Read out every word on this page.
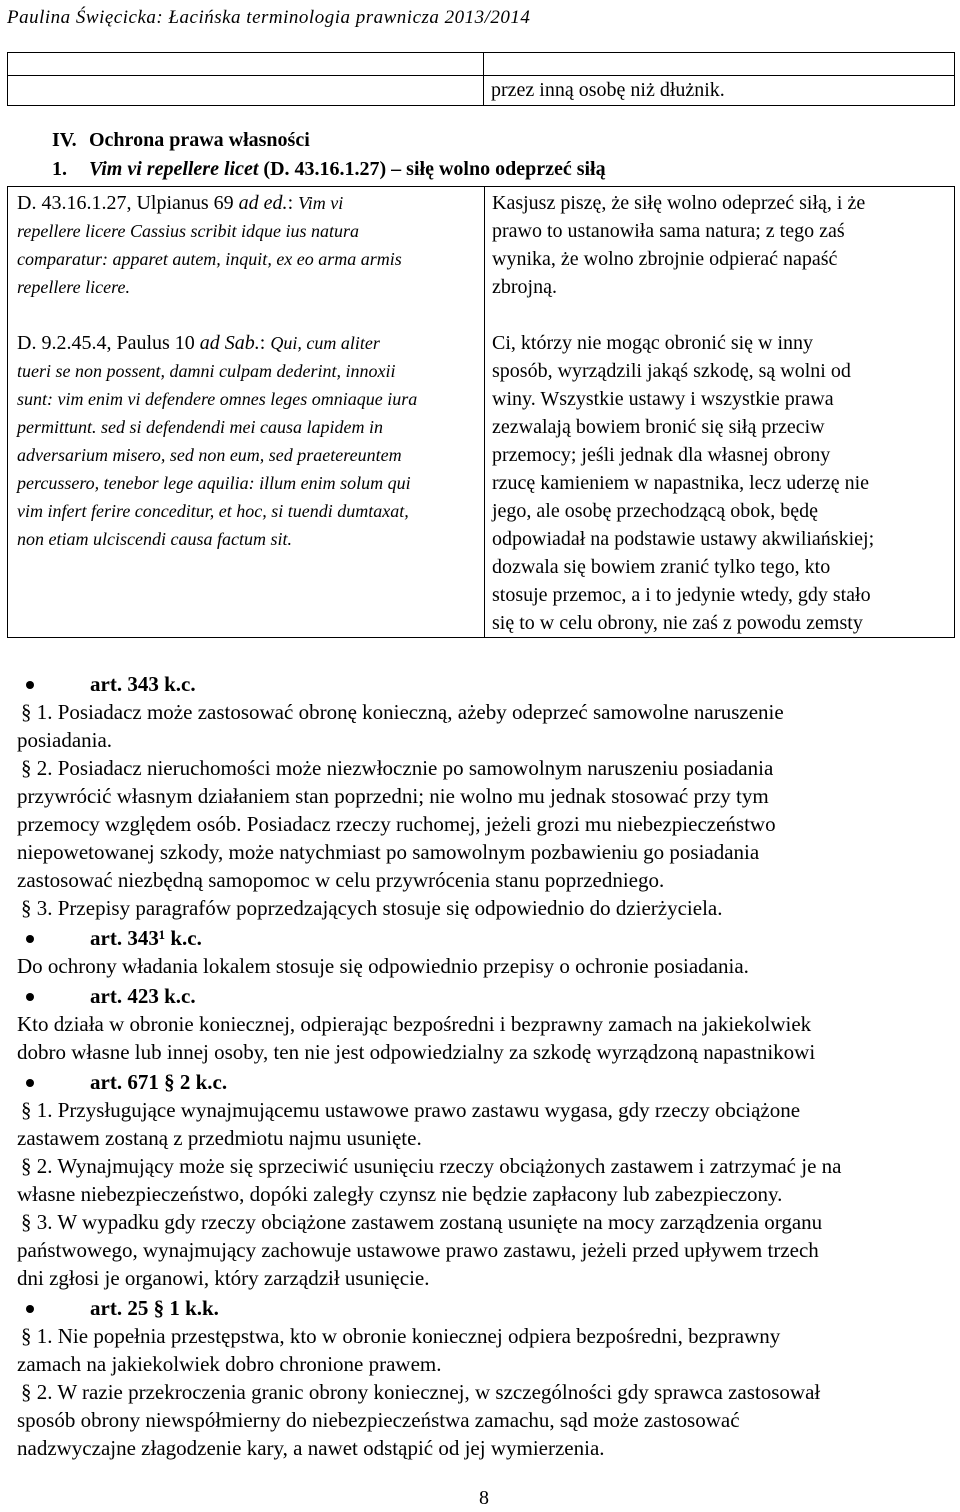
Paulina Święcicka: Łacińska terminologia prawnicza 2013/2014
przez inną osobę niż dłużnik.
IV. Ochrona prawa własności
1. Vim vi repellere licet (D. 43.16.1.27) – siłę wolno odeprzeć siłą
D. 43.16.1.27, Ulpianus 69 ad ed.: Vim vi
repellere licere Cassius scribit idque ius natura
comparatur: apparet autem, inquit, ex eo arma armis
repellere licere.
D. 9.2.45.4, Paulus 10 ad Sab.: Qui, cum aliter
tueri se non possent, damni culpam dederint, innoxii
sunt: vim enim vi defendere omnes leges omniaque iura
permittunt. sed si defendendi mei causa lapidem in
adversarium misero, sed non eum, sed praetereuntem
percussero, tenebor lege aquilia: illum enim solum qui
vim infert ferire conceditur, et hoc, si tuendi dumtaxat,
non etiam ulciscendi causa factum sit.
Kasjusz piszę, że siłę wolno odeprzeć siłą, i że
prawo to ustanowiła sama natura; z tego zaś
wynika, że wolno zbrojnie odpierać napaść
zbrojną.
Ci, którzy nie mogąc obronić się w inny
sposób, wyrządzili jakąś szkodę, są wolni od
winy. Wszystkie ustawy i wszystkie prawa
zezwalają bowiem bronić się siłą przeciw
przemocy; jeśli jednak dla własnej obrony
rzucę kamieniem w napastnika, lecz uderzę nie
jego, ale osobę przechodzącą obok, będę
odpowiadał na podstawie ustawy akwiliańskiej;
dozwala się bowiem zranić tylko tego, kto
stosuje przemoc, a i to jedynie wtedy, gdy stało
się to w celu obrony, nie zaś z powodu zemsty
art. 343 k.c.
§ 1. Posiadacz może zastosować obronę konieczną, ażeby odeprzeć samowolne naruszenie
posiadania.
§ 2. Posiadacz nieruchomości może niezwłocznie po samowolnym naruszeniu posiadania
przywrócić własnym działaniem stan poprzedni; nie wolno mu jednak stosować przy tym
przemocy względem osób. Posiadacz rzeczy ruchomej, jeżeli grozi mu niebezpieczeństwo
niepowetowanej szkody, może natychmiast po samowolnym pozbawieniu go posiadania
zastosować niezbędną samopomoc w celu przywrócenia stanu poprzedniego.
§ 3. Przepisy paragrafów poprzedzających stosuje się odpowiednio do dzierżyciela.
art. 343¹ k.c.
Do ochrony władania lokalem stosuje się odpowiednio przepisy o ochronie posiadania.
art. 423 k.c.
Kto działa w obronie koniecznej, odpierając bezpośredni i bezprawny zamach na jakiekolwiek
dobro własne lub innej osoby, ten nie jest odpowiedzialny za szkodę wyrządzoną napastnikowi
art. 671 § 2 k.c.
§ 1. Przysługujące wynajmującemu ustawowe prawo zastawu wygasa, gdy rzeczy obciążone
zastawem zostaną z przedmiotu najmu usunięte.
§ 2. Wynajmujący może się sprzeciwić usunięciu rzeczy obciążonych zastawem i zatrzymać je na
własne niebezpieczeństwo, dopóki zaległy czynsz nie będzie zapłacony lub zabezpieczony.
§ 3. W wypadku gdy rzeczy obciążone zastawem zostaną usunięte na mocy zarządzenia organu
państwowego, wynajmujący zachowuje ustawowe prawo zastawu, jeżeli przed upływem trzech
dni zgłosi je organowi, który zarządził usunięcie.
art. 25 § 1 k.k.
§ 1. Nie popełnia przestępstwa, kto w obronie koniecznej odpiera bezpośredni, bezprawny
zamach na jakiekolwiek dobro chronione prawem.
§ 2. W razie przekroczenia granic obrony koniecznej, w szczególności gdy sprawca zastosował
sposób obrony niewspółmierny do niebezpieczeństwa zamachu, sąd może zastosować
nadzwyczajne złagodzenie kary, a nawet odstąpić od jej wymierzenia.
8
